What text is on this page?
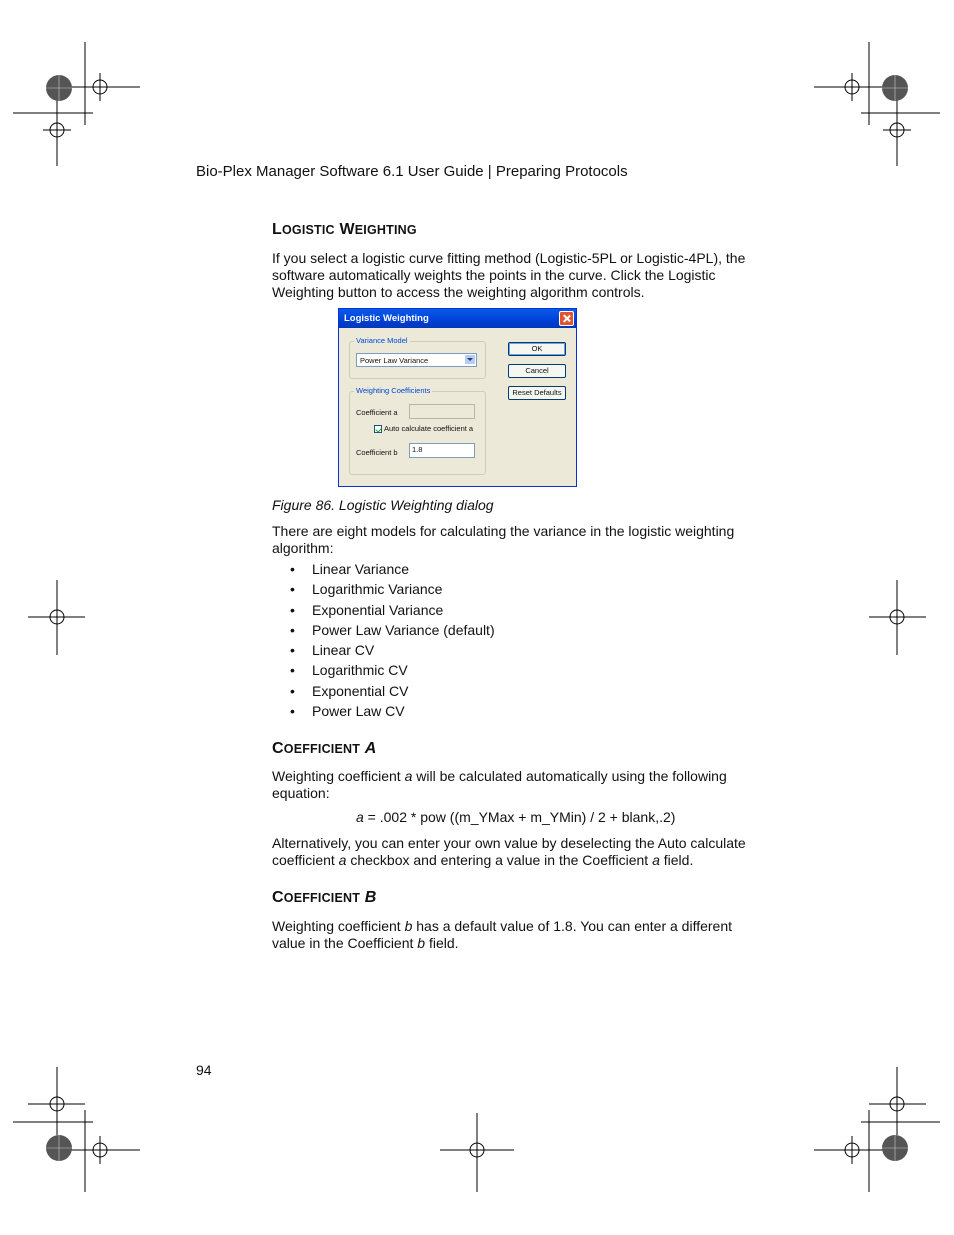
Bio-Plex Manager Software 6.1 User Guide | Preparing Protocols
LOGISTIC WEIGHTING
If you select a logistic curve fitting method (Logistic-5PL or Logistic-4PL), the software automatically weights the points in the curve. Click the Logistic Weighting button to access the weighting algorithm controls.
Logistic Weighting
Variance Model
Power Law Variance
OK
Cancel
Reset Defaults
Weighting Coefficients
Coefficient a
Auto calculate coefficient a
Coefficient b 1.8
Figure 86. Logistic Weighting dialog
There are eight models for calculating the variance in the logistic weighting algorithm:
• Linear Variance
• Logarithmic Variance
• Exponential Variance
• Power Law Variance (default)
• Linear CV
• Logarithmic CV
• Exponential CV
• Power Law CV
COEFFICIENT A
Weighting coefficient a will be calculated automatically using the following equation:
a = .002 * pow ((m_YMax + m_YMin) / 2 + blank,.2)
Alternatively, you can enter your own value by deselecting the Auto calculate coefficient a checkbox and entering a value in the Coefficient a field.
COEFFICIENT B
Weighting coefficient b has a default value of 1.8. You can enter a different value in the Coefficient b field.
94
